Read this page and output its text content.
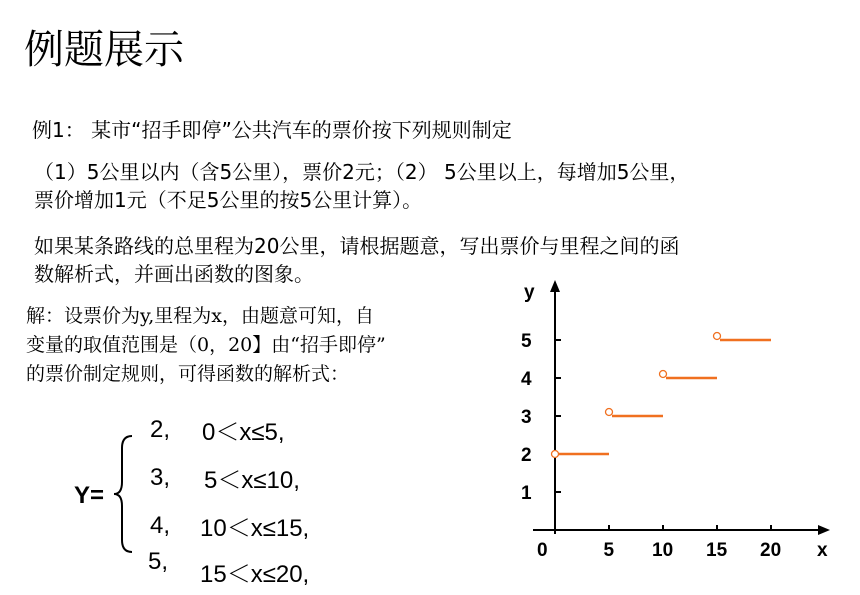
例题展示
例1： 某市“招手即停”公共汽车的票价按下列规则制定
（1）5公里以内（含5公里），票价2元；（2） 5公里以上，每增加5公里，
票价增加1元（不足5公里的按5公里计算）。
如果某条路线的总里程为20公里，请根据题意，写出票价与里程之间的函
数解析式，并画出函数的图象。
解：设票价为y,里程为x，由题意可知，自
变量的取值范围是（0，20】由“招手即停”
的票价制定规则，可得函数的解析式：
Y=
2, 0＜x≤5,
3, 5＜x≤10,
4, 10＜x≤15,
5, 15＜x≤20,
x
y
0	5 10 15 20
1
2
3
4
5
